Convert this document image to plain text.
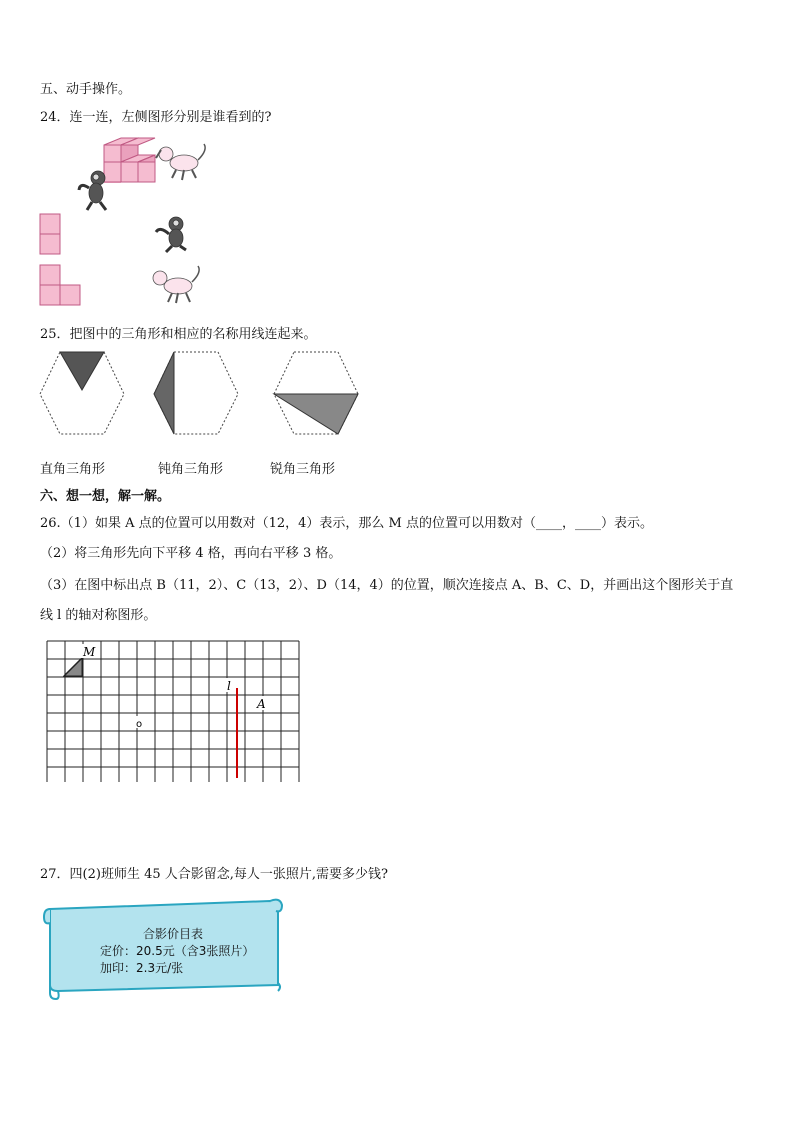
五、动手操作。
24．连一连，左侧图形分别是谁看到的?
25．把图中的三角形和相应的名称用线连起来。
直角三角形	钝角三角形	锐角三角形
六、想一想，解一解。
26.（1）如果 A 点的位置可以用数对（12，4）表示，那么 M 点的位置可以用数对（____，____）表示。
（2）将三角形先向下平移 4 格，再向右平移 3 格。
（3）在图中标出点 B（11，2）、C（13，2）、D（14，4）的位置，顺次连接点 A、B、C、D，并画出这个图形关于直
线 l 的轴对称图形。
M
l
A
o
27．四(2)班师生 45 人合影留念,每人一张照片,需要多少钱?
合影价目表
定价：20.5元（含3张照片）
加印：2.3元/张
